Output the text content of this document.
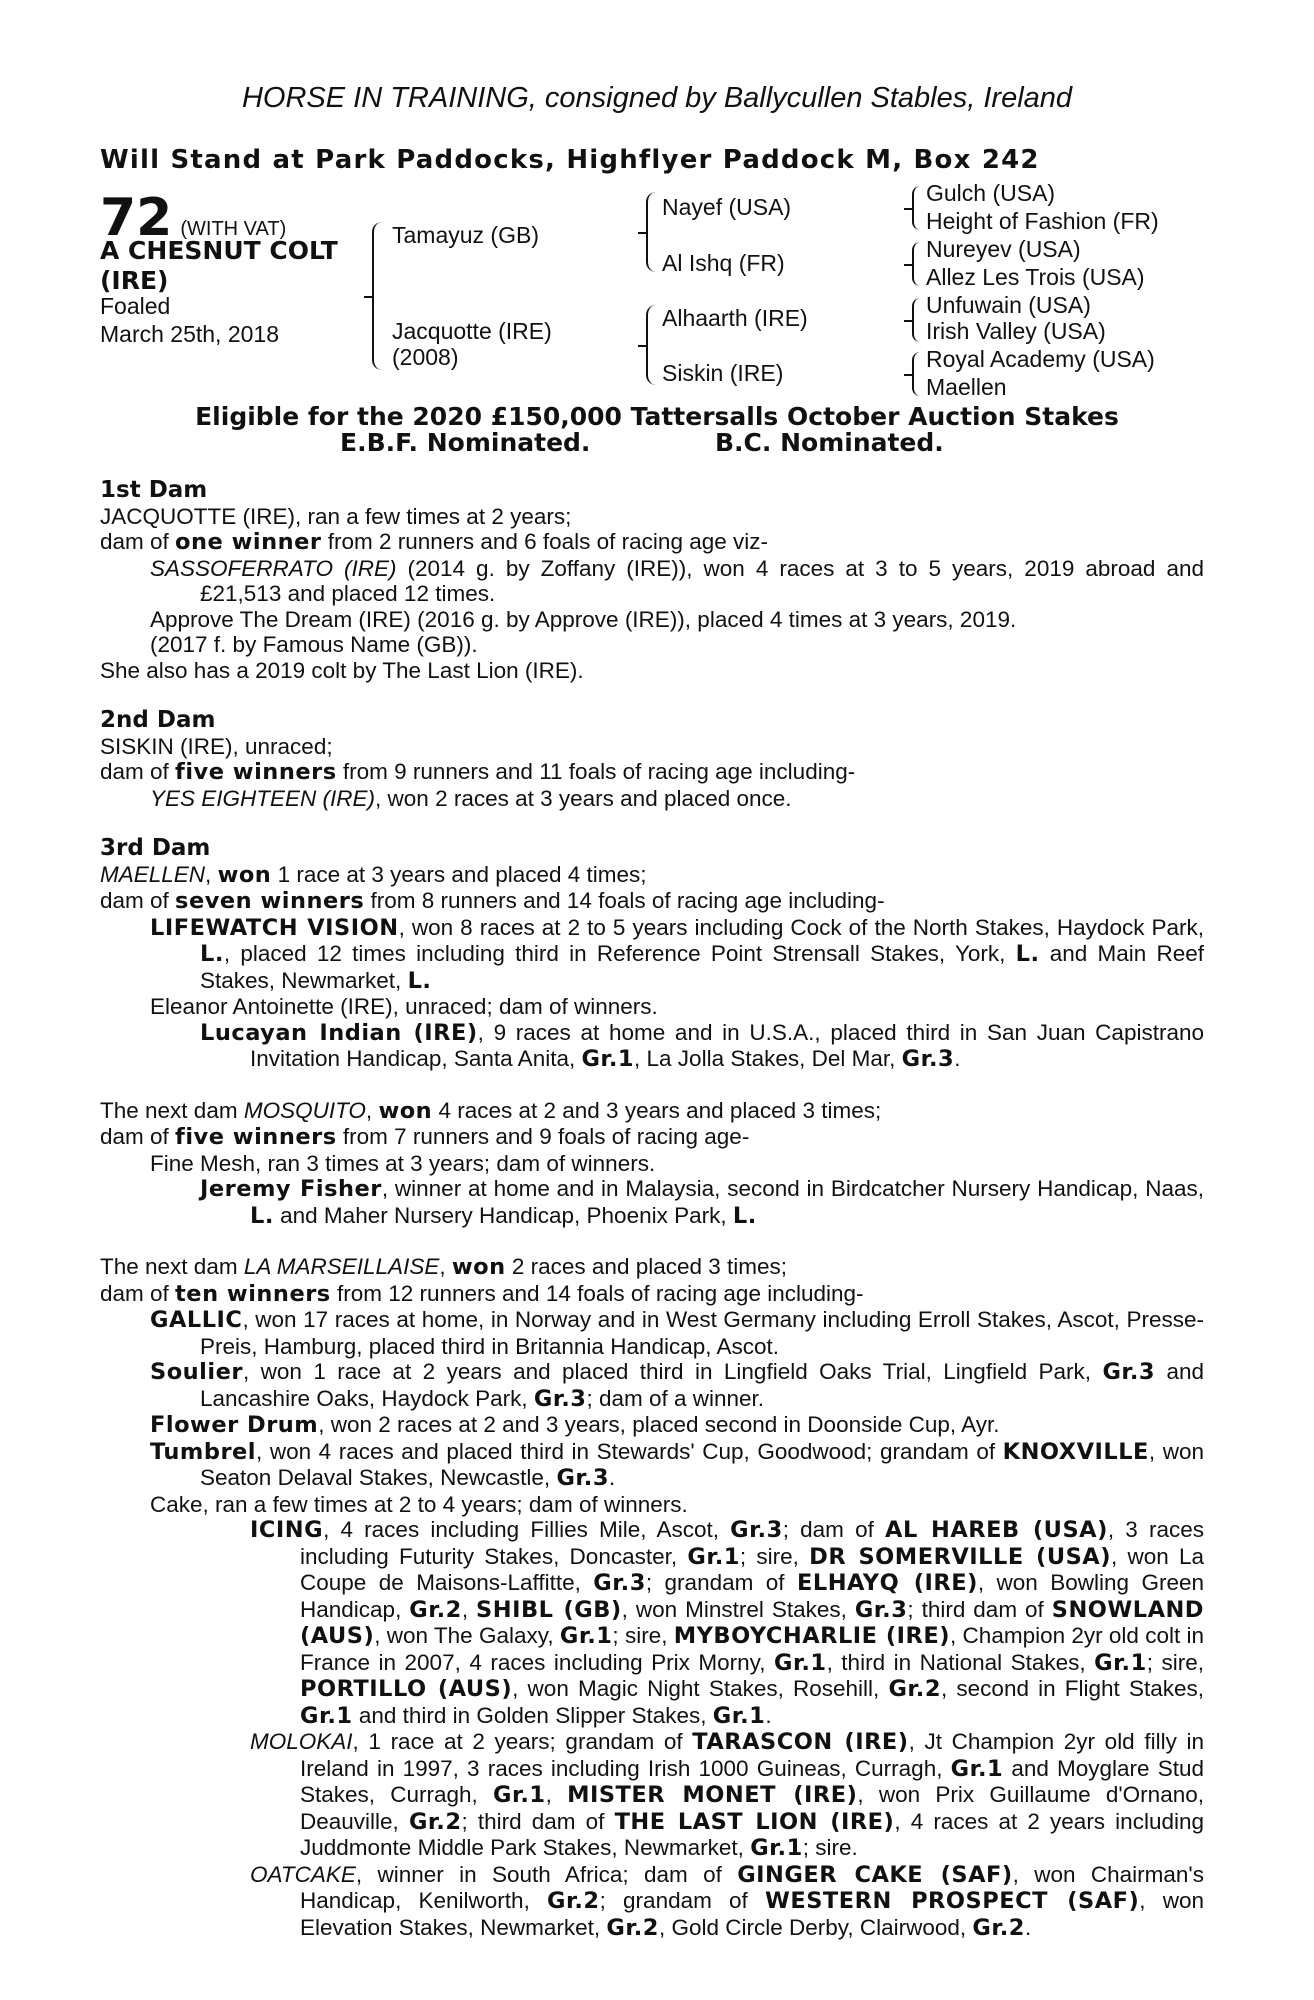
HORSE IN TRAINING, consigned by Ballycullen Stables, Ireland
Will Stand at Park Paddocks, Highflyer Paddock M, Box 242
72 (WITH VAT)
A CHESNUT COLT
(IRE)
Foaled
March 25th, 2018
Tamayuz (GB)
Jacquotte (IRE)
(2008)
Nayef (USA)
Al Ishq (FR)
Alhaarth (IRE)
Siskin (IRE)
Gulch (USA)
Height of Fashion (FR)
Nureyev (USA)
Allez Les Trois (USA)
Unfuwain (USA)
Irish Valley (USA)
Royal Academy (USA)
Maellen
Eligible for the 2020 £150,000 Tattersalls October Auction Stakes
E.B.F. Nominated.	B.C. Nominated.

1st Dam

JACQUOTTE (IRE), ran a few times at 2 years;

dam of one winner from 2 runners and 6 foals of racing age viz-

SASSOFERRATO (IRE) (2014 g. by Zoffany (IRE)), won 4 races at 3 to 5 years, 2019 abroad and £21,513 and placed 12 times.

Approve The Dream (IRE) (2016 g. by Approve (IRE)), placed 4 times at 3 years, 2019.

(2017 f. by Famous Name (GB)).

She also has a 2019 colt by The Last Lion (IRE).

2nd Dam

SISKIN (IRE), unraced;

dam of five winners from 9 runners and 11 foals of racing age including-

YES EIGHTEEN (IRE), won 2 races at 3 years and placed once.

3rd Dam

MAELLEN, won 1 race at 3 years and placed 4 times;

dam of seven winners from 8 runners and 14 foals of racing age including-

LIFEWATCH VISION, won 8 races at 2 to 5 years including Cock of the North Stakes, Haydock Park, L., placed 12 times including third in Reference Point Strensall Stakes, York, L. and Main Reef Stakes, Newmarket, L.

Eleanor Antoinette (IRE), unraced; dam of winners.

Lucayan Indian (IRE), 9 races at home and in U.S.A., placed third in San Juan Capistrano Invitation Handicap, Santa Anita, Gr.1, La Jolla Stakes, Del Mar, Gr.3.

The next dam MOSQUITO, won 4 races at 2 and 3 years and placed 3 times;

dam of five winners from 7 runners and 9 foals of racing age-

Fine Mesh, ran 3 times at 3 years; dam of winners.

Jeremy Fisher, winner at home and in Malaysia, second in Birdcatcher Nursery Handicap, Naas, L. and Maher Nursery Handicap, Phoenix Park, L.

The next dam LA MARSEILLAISE, won 2 races and placed 3 times;

dam of ten winners from 12 runners and 14 foals of racing age including-

GALLIC, won 17 races at home, in Norway and in West Germany including Erroll Stakes, Ascot, Presse-Preis, Hamburg, placed third in Britannia Handicap, Ascot.

Soulier, won 1 race at 2 years and placed third in Lingfield Oaks Trial, Lingfield Park, Gr.3 and Lancashire Oaks, Haydock Park, Gr.3; dam of a winner.

Flower Drum, won 2 races at 2 and 3 years, placed second in Doonside Cup, Ayr.

Tumbrel, won 4 races and placed third in Stewards' Cup, Goodwood; grandam of KNOXVILLE, won Seaton Delaval Stakes, Newcastle, Gr.3.

Cake, ran a few times at 2 to 4 years; dam of winners.

ICING, 4 races including Fillies Mile, Ascot, Gr.3; dam of AL HAREB (USA), 3 races including Futurity Stakes, Doncaster, Gr.1; sire, DR SOMERVILLE (USA), won La Coupe de Maisons-Laffitte, Gr.3; grandam of ELHAYQ (IRE), won Bowling Green Handicap, Gr.2, SHIBL (GB), won Minstrel Stakes, Gr.3; third dam of SNOWLAND (AUS), won The Galaxy, Gr.1; sire, MYBOYCHARLIE (IRE), Champion 2yr old colt in France in 2007, 4 races including Prix Morny, Gr.1, third in National Stakes, Gr.1; sire, PORTILLO (AUS), won Magic Night Stakes, Rosehill, Gr.2, second in Flight Stakes, Gr.1 and third in Golden Slipper Stakes, Gr.1.

MOLOKAI, 1 race at 2 years; grandam of TARASCON (IRE), Jt Champion 2yr old filly in Ireland in 1997, 3 races including Irish 1000 Guineas, Curragh, Gr.1 and Moyglare Stud Stakes, Curragh, Gr.1, MISTER MONET (IRE), won Prix Guillaume d'Ornano, Deauville, Gr.2; third dam of THE LAST LION (IRE), 4 races at 2 years including Juddmonte Middle Park Stakes, Newmarket, Gr.1; sire.

OATCAKE, winner in South Africa; dam of GINGER CAKE (SAF), won Chairman's Handicap, Kenilworth, Gr.2; grandam of WESTERN PROSPECT (SAF), won Elevation Stakes, Newmarket, Gr.2, Gold Circle Derby, Clairwood, Gr.2.
